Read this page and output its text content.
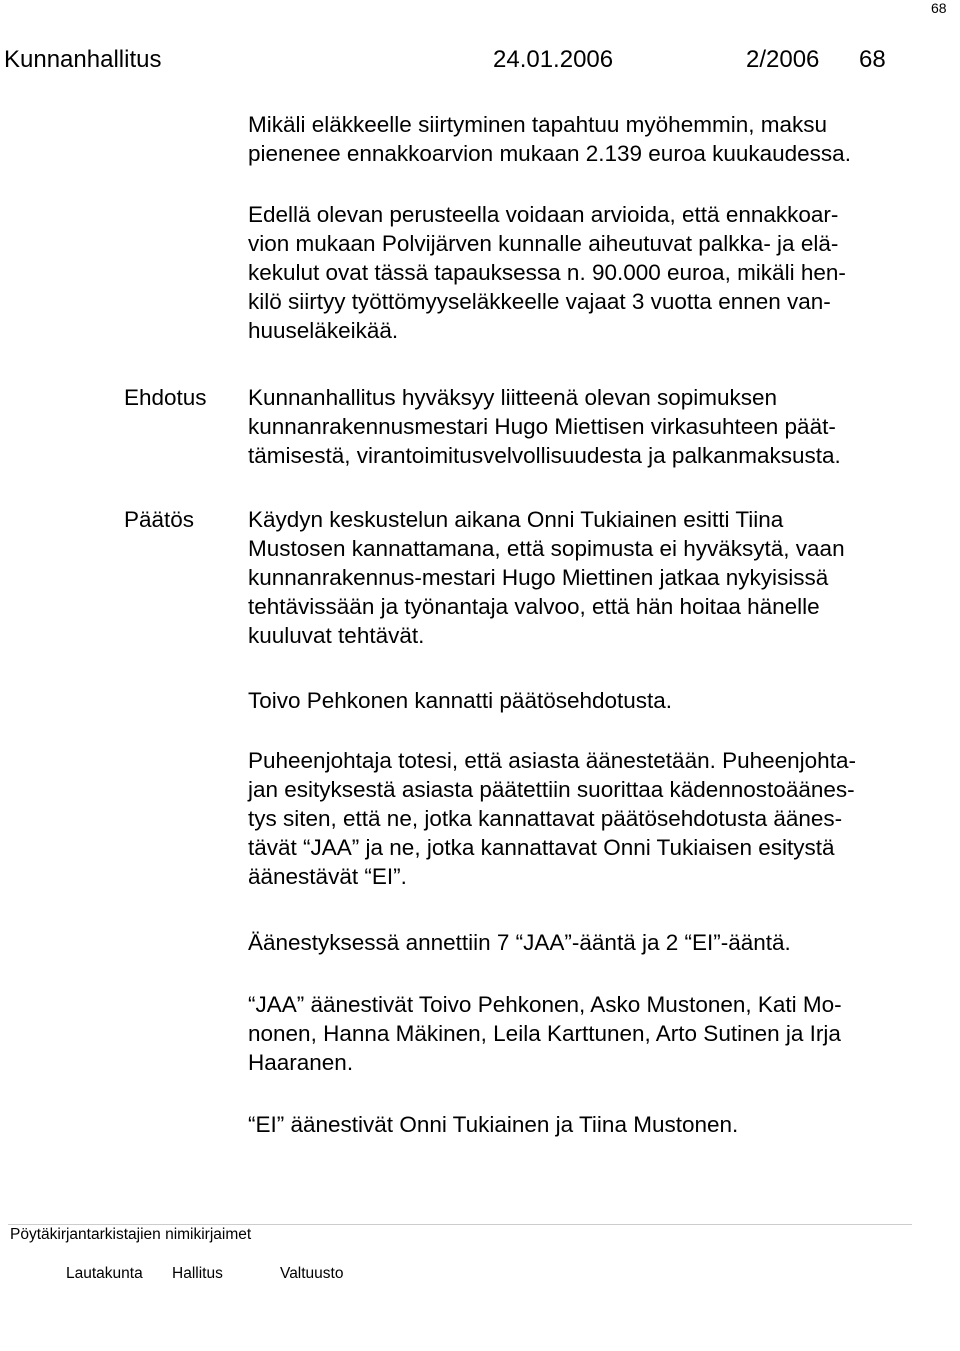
68
Kunnanhallitus	24.01.2006	2/2006 68
Mikäli eläkkeelle siirtyminen tapahtuu myöhemmin, maksu
pienenee ennakkoarvion mukaan 2.139 euroa kuukaudessa.
Edellä olevan perusteella voidaan arvioida, että ennakkoar-
vion mukaan Polvijärven kunnalle aiheutuvat palkka- ja elä-
kekulut ovat tässä tapauksessa n. 90.000 euroa, mikäli hen-
kilö siirtyy työttömyyseläkkeelle vajaat 3 vuotta ennen van-
huuseläkeikää.
Ehdotus Kunnanhallitus hyväksyy liitteenä olevan sopimuksen
kunnanrakennusmestari Hugo Miettisen virkasuhteen päät-
tämisestä, virantoimitusvelvollisuudesta ja palkanmaksusta.
Päätös Käydyn keskustelun aikana Onni Tukiainen esitti Tiina
Mustosen kannattamana, että sopimusta ei hyväksytä, vaan
kunnanrakennus-mestari Hugo Miettinen jatkaa nykyisissä
tehtävissään ja työnantaja valvoo, että hän hoitaa hänelle
kuuluvat tehtävät.
Toivo Pehkonen kannatti päätösehdotusta.
Puheenjohtaja totesi, että asiasta äänestetään. Puheenjohta-
jan esityksestä asiasta päätettiin suorittaa kädennostoäänes-
tys siten, että ne, jotka kannattavat päätösehdotusta äänes-
tävät “JAA” ja ne, jotka kannattavat Onni Tukiaisen esitystä
äänestävät “EI”.
Äänestyksessä annettiin 7 “JAA”-ääntä ja 2 “EI”-ääntä.
“JAA” äänestivät Toivo Pehkonen, Asko Mustonen, Kati Mo-
nonen, Hanna Mäkinen, Leila Karttunen, Arto Sutinen ja Irja
Haaranen.
“EI” äänestivät Onni Tukiainen ja Tiina Mustonen.
Pöytäkirjantarkistajien nimikirjaimet
Lautakunta Hallitus	Valtuusto
